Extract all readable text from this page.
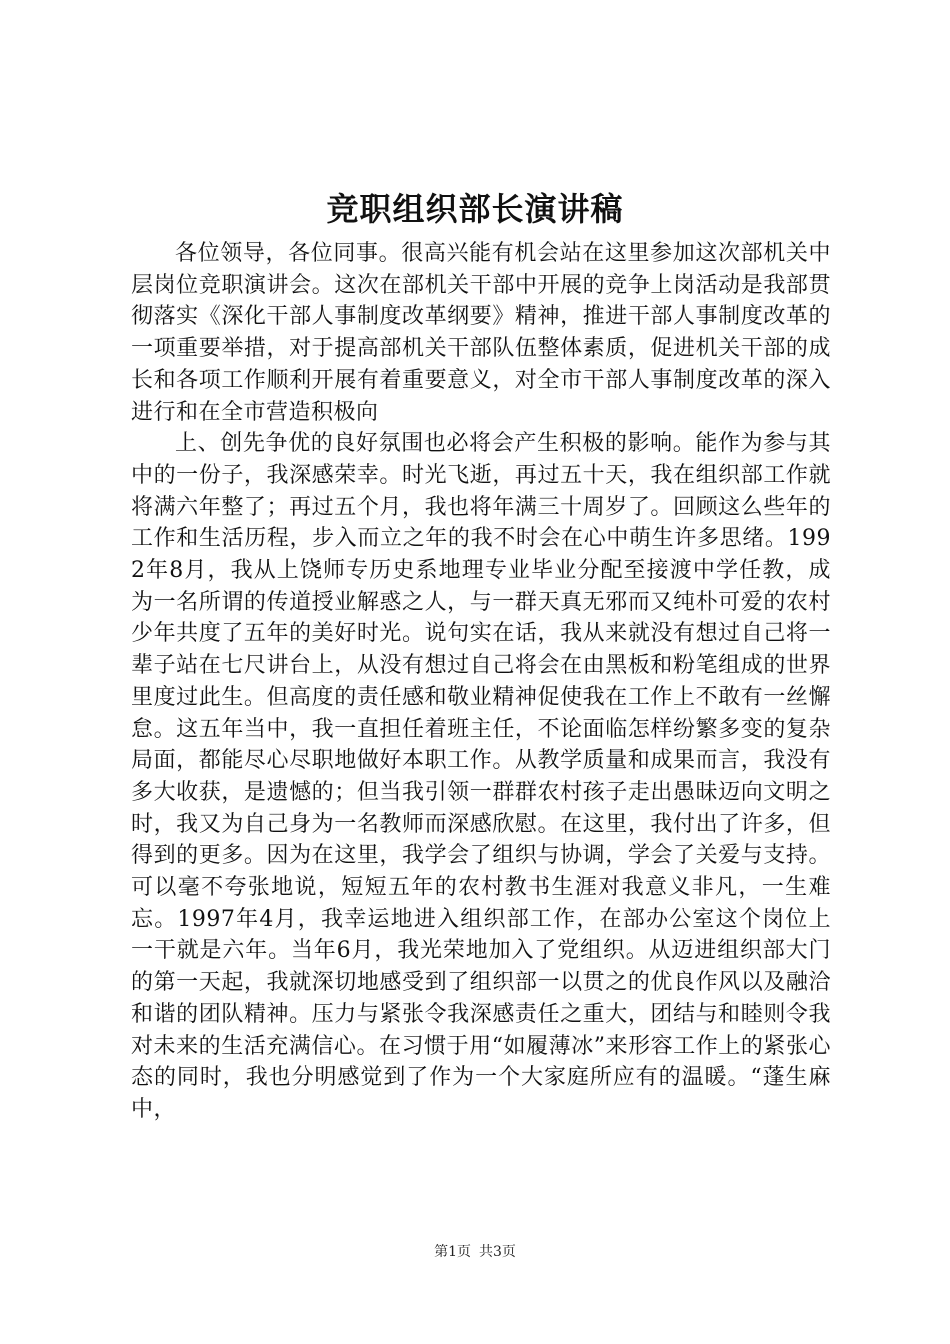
竞职组织部长演讲稿

各位领导，各位同事。很高兴能有机会站在这里参加这次部机关中层岗位竞职演讲会。这次在部机关干部中开展的竞争上岗活动是我部贯彻落实《深化干部人事制度改革纲要》精神，推进干部人事制度改革的一项重要举措，对于提高部机关干部队伍整体素质，促进机关干部的成长和各项工作顺利开展有着重要意义，对全市干部人事制度改革的深入进行和在全市营造积极向

上、创先争优的良好氛围也必将会产生积极的影响。能作为参与其中的一份子，我深感荣幸。时光飞逝，再过五十天，我在组织部工作就将满六年整了；再过五个月，我也将年满三十周岁了。回顾这么些年的工作和生活历程，步入而立之年的我不时会在心中萌生许多思绪。1992年8月，我从上饶师专历史系地理专业毕业分配至接渡中学任教，成为一名所谓的传道授业解惑之人，与一群天真无邪而又纯朴可爱的农村少年共度了五年的美好时光。说句实在话，我从来就没有想过自己将一辈子站在七尺讲台上，从没有想过自己将会在由黑板和粉笔组成的世界里度过此生。但高度的责任感和敬业精神促使我在工作上不敢有一丝懈怠。这五年当中，我一直担任着班主任，不论面临怎样纷繁多变的复杂局面，都能尽心尽职地做好本职工作。从教学质量和成果而言，我没有多大收获，是遗憾的；但当我引领一群群农村孩子走出愚昧迈向文明之时，我又为自己身为一名教师而深感欣慰。在这里，我付出了许多，但得到的更多。因为在这里，我学会了组织与协调，学会了关爱与支持。可以毫不夸张地说，短短五年的农村教书生涯对我意义非凡，一生难忘。1997年4月，我幸运地进入组织部工作，在部办公室这个岗位上一干就是六年。当年6月，我光荣地加入了党组织。从迈进组织部大门的第一天起，我就深切地感受到了组织部一以贯之的优良作风以及融洽和谐的团队精神。压力与紧张令我深感责任之重大，团结与和睦则令我对未来的生活充满信心。在习惯于用“如履薄冰”来形容工作上的紧张心态的同时，我也分明感觉到了作为一个大家庭所应有的温暖。“蓬生麻中，

第1页 共3页
